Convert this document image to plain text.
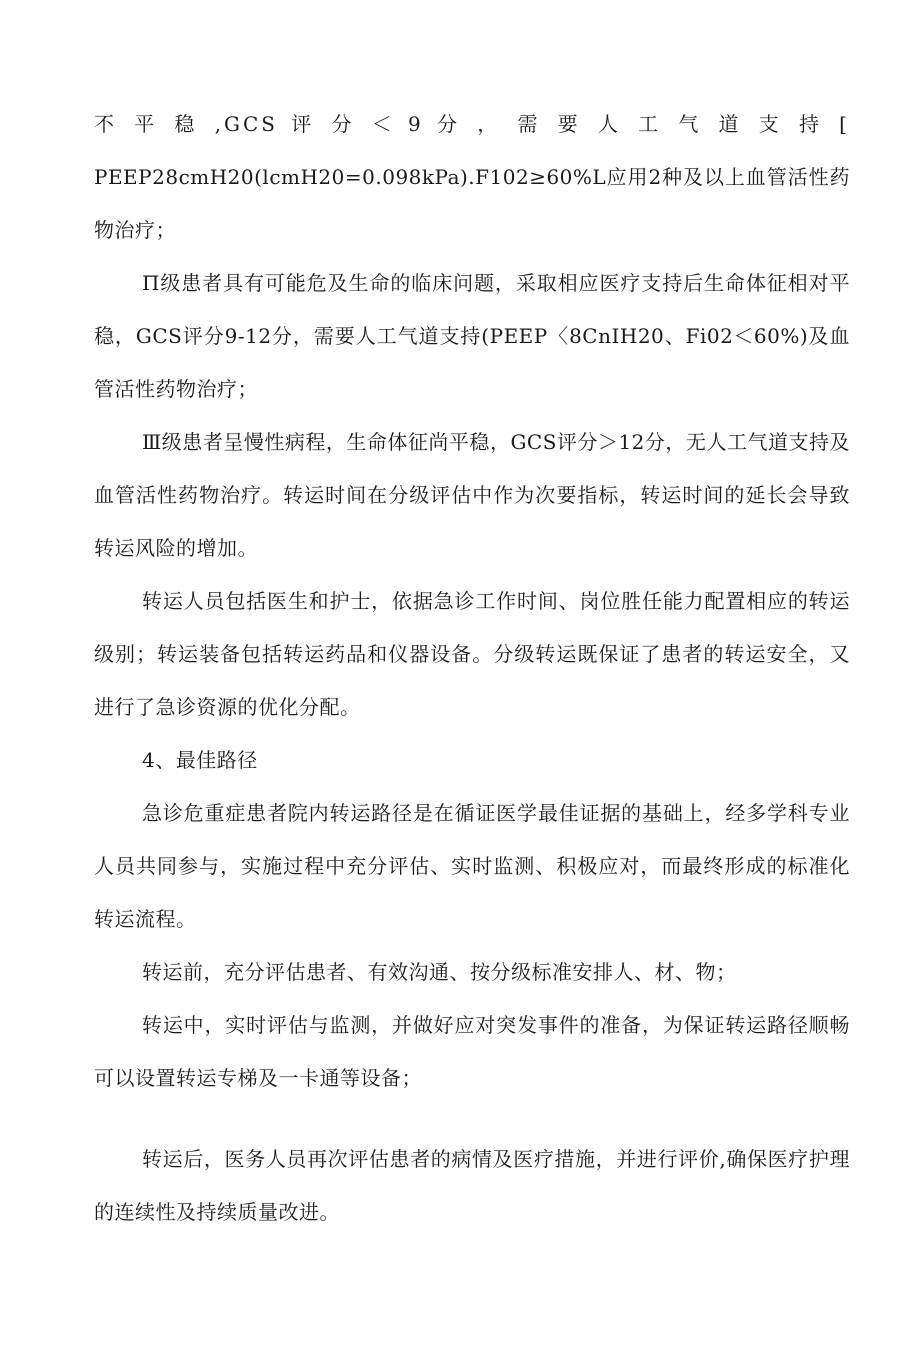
不 平 稳 ,GCS 评 分 ＜ 9 分 ， 需 要 人 工 气 道 支 持 [
PEEP28cmH20(lcmH20=0.098kPa).F102≥60%L应用2种及以上血管活性药物治疗；

Π级患者具有可能危及生命的临床问题，采取相应医疗支持后生命体征相对平稳，GCS评分9-12分，需要人工气道支持(PEEP〈8CnIH20、Fi02＜60%)及血管活性药物治疗；

Ⅲ级患者呈慢性病程，生命体征尚平稳，GCS评分＞12分，无人工气道支持及血管活性药物治疗。转运时间在分级评估中作为次要指标，转运时间的延长会导致转运风险的增加。

转运人员包括医生和护士，依据急诊工作时间、岗位胜任能力配置相应的转运级别；转运装备包括转运药品和仪器设备。分级转运既保证了患者的转运安全，又进行了急诊资源的优化分配。

4、最佳路径

急诊危重症患者院内转运路径是在循证医学最佳证据的基础上，经多学科专业人员共同参与，实施过程中充分评估、实时监测、积极应对，而最终形成的标准化转运流程。

转运前，充分评估患者、有效沟通、按分级标准安排人、材、物；

转运中，实时评估与监测，并做好应对突发事件的准备，为保证转运路径顺畅可以设置转运专梯及一卡通等设备；

转运后，医务人员再次评估患者的病情及医疗措施，并进行评价,确保医疗护理的连续性及持续质量改进。
